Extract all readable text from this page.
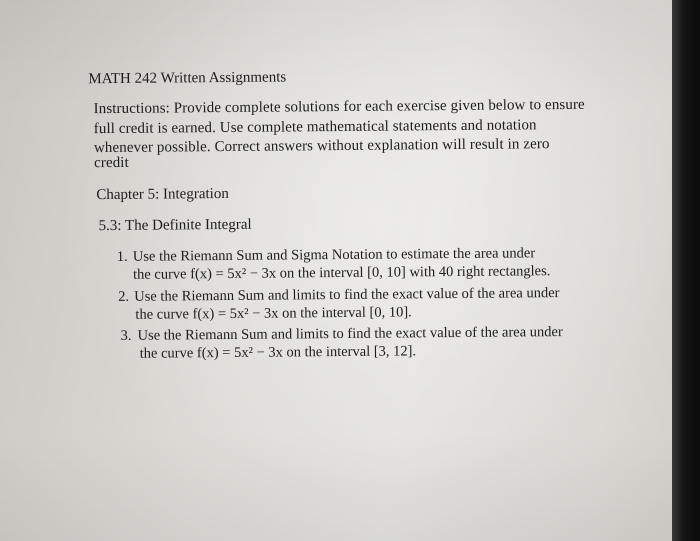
MATH 242 Written Assignments
Instructions: Provide complete solutions for each exercise given below to ensure
full credit is earned. Use complete mathematical statements and notation
whenever possible. Correct answers without explanation will result in zero
credit
Chapter 5: Integration
5.3: The Definite Integral
1. Use the Riemann Sum and Sigma Notation to estimate the area under
the curve f(x) = 5x² − 3x on the interval [0, 10] with 40 right rectangles.
2. Use the Riemann Sum and limits to find the exact value of the area under
the curve f(x) = 5x² − 3x on the interval [0, 10].
3. Use the Riemann Sum and limits to find the exact value of the area under
the curve f(x) = 5x² − 3x on the interval [3, 12].
